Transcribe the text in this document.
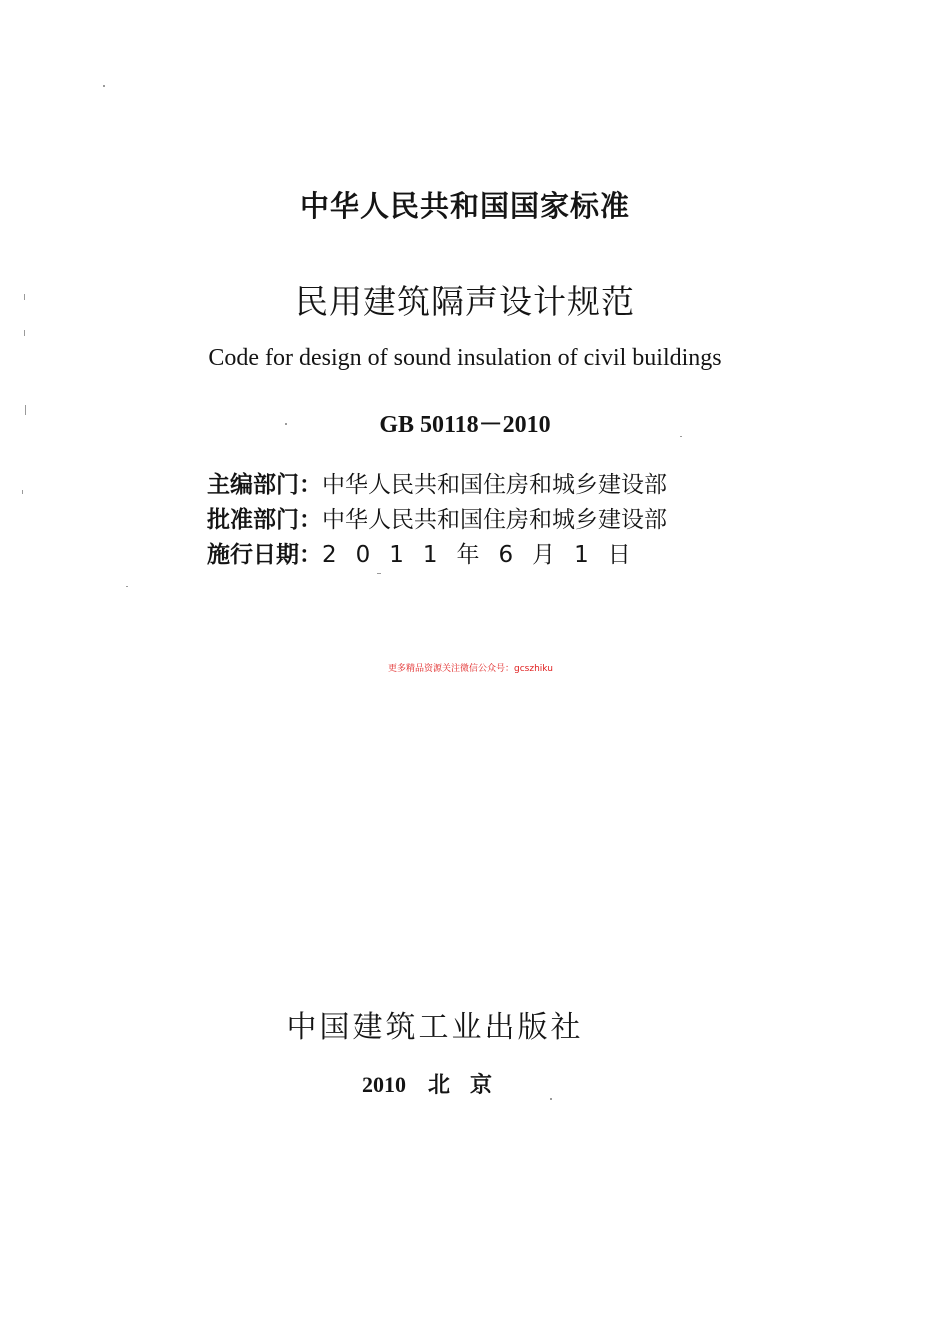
中华人民共和国国家标准
民用建筑隔声设计规范
Code for design of sound insulation of civil buildings
GB 50118－2010
主编部门：中华人民共和国住房和城乡建设部
批准部门：中华人民共和国住房和城乡建设部
施行日期：2011年6月1日
更多精品资源关注微信公众号：gcszhiku
中国建筑工业出版社
2010 北京
